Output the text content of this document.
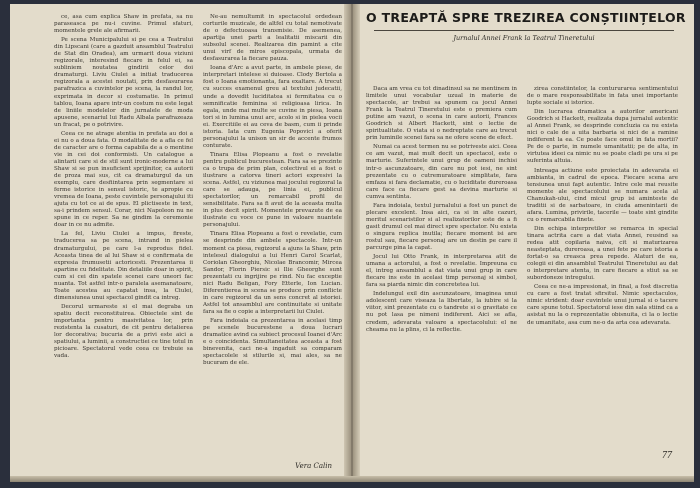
ce, asa cum explica Shaw in prefata, sa nu paraseasca pe nu-i cuvine. Primul sfaturi, momentele grele ale afirmarii.

Pe scena Municipalului si pe cea a Teatrului din Lipscani (care a gazduit ansamblul Teatrului de Stat din Oradea), am urmarit doua viziuni regizorale, interesind fiecare in felul ei, sa subliniem noutatea gindirii celor doi dramaturgi. Liviu Ciulei a initiat traducerea regizorala a acestei noutati, prin desfasurarea parafrazica a cuvintelor pe scena, la randul lor, exprimata in decor si costumatie. In primul tablou, Ioana apare intr-un costum nu este legat de liniile modelelor din jurnalele de moda apusene, scenariul lui Radu Albala parafrazeaza un fracat, pe o potrivire.

Ceea ce ne atrage atentia in prefata au doi a ei nu o a doua fata. O modalitate de a afla ce fel de caracter are o forma capabila de a o mentine vie in cei doi conformisti. Un catalogue a alintarii care si de stil sunt ironic-moderne a lui Shaw si se pun insuficient sprijinitor, ca autorii de proza mai sus, cit ca dramaturgul da un exemplu, care desfiintarea prin segmentare si ferme istorice in sensul istoric, te apropie cu vremea de Ioana, peste cuvintele personajului iti ajuta cu tot ce ai de spus. El plictiseste in text, sa-i prindem sensul. Corar, nici Napoleon nu ne spune in ce reper. Sa ne gindim la ceremonie doar in ce nu admite.

La fel, Liviu Ciulei a impus, fireste, traducerea sa pe scena, intrand in pielea dramaturgului, pe care l-a reprodus fidel. Aceasta tinea de al lui Shaw si e confirmata de expresia frumusetii actoricesti. Prezentarea ii apartine cu fidelitate. Din detaliile doar in spirit, cum si cei din spatele scenei care uneori fac nuanta. Tot astfel intr-o paralela asemanatoare, Toate acestea au capatat insa, la Ciulei, dimensiunea unui spectacol gindit ca intreg.

Decorul urmareste si el mai degraba un spatiu decit reconstituirea. Obiectele sint de importanta pentru masivitatea lor, prin rezistenta la cusaturi, de cit pentru detalierea lor decorativa; bucuria de a privi este aici a spatiului, a luminii, a constructiei ce tine totul in picioare. Spectatorul vede ceea ce trebuie sa vada.

Ne-au nemultumit in spectacolul ordedean corturile muzicale, de altfel cu total nemotivate de o defectuoasa transmisie. De asemenea, apartija unei parti a lealitatii miscarii din subsolul scenei. Realizarea din pamint a cite unui virf de miros episcopala, urmata de desfasurarea la fiecare pauza.

Ioana d'Arc a avut parte, in ambele piese, de interpretari intelese si duioase. Clody Bertola a fost o Ioana emotionanta, fara exaltare. A trecut cu succes examenul greu al textului judecatii, unde a dovedit luciditatea si fermitatea cu o semnificatie feminina si religioasa lirica. In egala, unde mai multe se cuvine in piesa, Ioana tori si in lumina unui arc, acolo si in pielea vocii ei. Exercitiile ei au ceva de basm, cum ii prinde istoria. Iata cum Eugenia Popovici a oferit personajului la unison un sir de accente frumos conturate.

Tinara Elisa Plopeanu a fost o revelatie pentru publicul bucurestean. Fara sa se prezinte ca o trupa de prim plan, colectivul ei a fost o ilustrare a catorva tineri actori expresivi la scena. Astfel, cu viziunea mai jocului regizoral la care se adauga, pe linia ei, publicul spectatorilor, un remarcabil profil de sensibilitate. Fara sa fi avut de la aceasta multa in plus decit spirit. Momentele prevazute de ea ilustrate cu voce ce pune in valoare nuantele personajului.

Tinara Elisa Plopeanu a fost o revelatie, cum se desprinde din ambele spectacole. Intr-un moment ca piesa, regizorul a ajuns la Shaw, prin intelesul dialogului a lui Henri Carol Scarlat, Coriolan Gheorghiu, Nicolae Brancomir, Mircea Sandor, Florin Piersic si Ilie Gheorghe sunt prezentati cu ingrijire pe rind. Nu fac exceptie nici Radu Beligan, Fory Etterle, Ion Lucian. Diferentierea in scena se produce prin conflicte in care regizorul da un sens concret al istoriei. Astfel tot ansamblul are continuitate si unitate fara sa fie o copie a interpretarii lui Ciulei.

Fara indoiala ca prezentarea in acelasi timp pe scenele bucurestene a doua lucrari dramatice avind ca subiect procesul Ioanei d'Arc e o coincidenta. Simultaneitatea aceasta a fost binevenita, caci ne-a ingaduit sa comparam spectacolele si stilurile si, mai ales, sa ne bucuram de ele.

Vera Calin
O TREAPTĂ SPRE TREZIREA CONȘTIINȚELOR
Jurnalul Annei Frank la Teatrul Tineretului

Daca am vrea cu tot dinadinsul sa ne mentinem in limitele unui vocabular uzual in materie de spectacole, ar trebui sa spunem ca jocul Annei Frank la Teatrul Tineretului este o premiera cum putine am vazut, o scena in care autorii, Frances Goodrich si Albert Hackett, sint o lectie de spiritualitate. O viata si o nedreptate care au trecut prin luminile scenei fara sa ne ofere scene de efect.

Numai ca acest termen nu se potriveste aici. Ceea ce am vazut, mai mult decit un spectacol, este o marturie. Suferintele unui grup de oameni inchisi intr-o ascunzatoare, din care nu pot iesi, ne sint prezentate cu o cutremuratoare simplitate, fara emfaza si fara declamatie, cu o luciditate dureroasa care face ca fiecare gest sa devina marturie si cumva sentinta.

Fara indoiala, textul jurnalului a fost un punct de plecare excelent. Insa aici, ca si in alte cazuri, meritul scenaristilor si al realizatorilor este de a fi gasit drumul cel mai direct spre spectator. Nu exista o singura replica inutila; fiecare moment isi are rostul sau, fiecare personaj are un destin pe care il parcurge pina la capat.

Jocul lui Otto Frank, in interpretarea atit de umana a actorului, a fost o revelatie. Impreuna cu el, intreg ansamblul a dat viata unui grup in care fiecare ins este in acelasi timp personaj si simbol, fara sa piarda nimic din concretetea lui.

Indelungul exil din ascunzatoare, imaginea unui adolescent care viseaza la libertate, la iubire si la viitor, sint prezentate cu o tandrete si o gravitate ce nu pot lasa pe nimeni indiferent. Aici se afla, credem, adevarata valoare a spectacolului: el ne cheama nu la plins, ci la reflectie.

zirea constiintelor, la contururarea sentimentului de o mare responsabilitate in fata unei importante lupte sociale si istorice.

Din lucrarea dramatica a autorilor americani Goodrich si Hackett, realizata dupa jurnalul autentic al Annei Frank, se desprinde concluzia ca nu exista nici o cale de a uita barbaria si nici de a ramine indiferent la ea. Ce poate face omul in fata mortii? Pe de o parte, in numele umanitatii; pe de alta, in virtutea ideei ca nimic nu se poate cladi pe ura si pe suferinta altuia.

Intreaga actiune este proiectata in adevarata ei ambianta, in cadrul de epoca. Fiecare scena are tensiunea unui fapt autentic. Intre cele mai reusite momente ale spectacolului se numara acela al Chanukah-ului, cind micul grup isi aminteste de traditii si de sarbatoare, in ciuda amenintarii de afara. Lumina, privirile, tacerile — toate sint gindite cu o remarcabila finete.

Din echipa interpretilor se remarca in special tinara actrita care a dat viata Annei, reusind sa redea atit copilaria naiva, cit si maturizarea neasteptata, dureroasa, a unei fete pe care istoria a fortat-o sa creasca prea repede. Alaturi de ea, colegii ei din ansamblul Teatrului Tineretului au dat o interpretare atenta, in care fiecare a stiut sa se subordoneze intregului.

Ceea ce ne-a impresionat, in final, a fost discretia cu care a fost tratat sfirsitul. Nimic spectaculos, nimic strident: doar cuvintele unui jurnal si o tacere care spune totul. Spectatorul iese din sala stiind ca a asistat nu la o reprezentatie obisnuita, ci la o lectie de umanitate, asa cum ne-o da arta cea adevarata.

77
